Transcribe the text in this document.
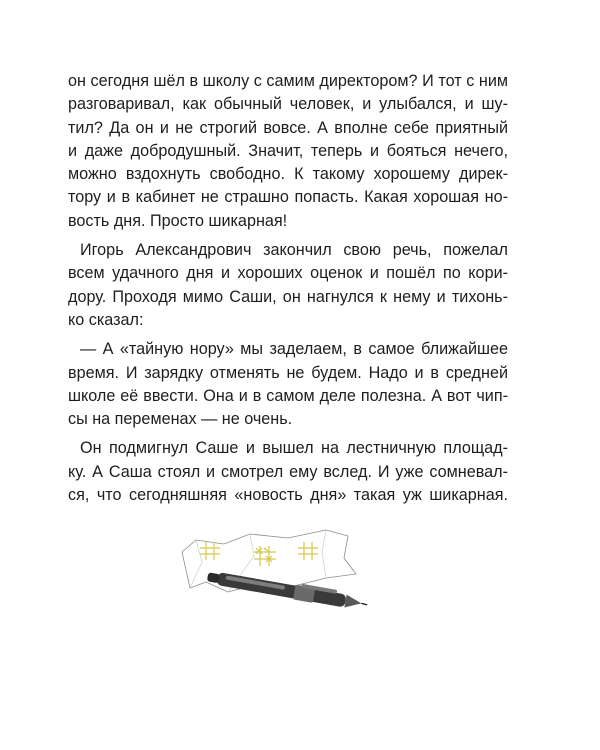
он сегодня шёл в школу с самим директором? И тот с ним
разговаривал, как обычный человек, и улыбался, и шу-
тил? Да он и не строгий вовсе. А вполне себе приятный
и даже добродушный. Значит, теперь и бояться нечего,
можно вздохнуть свободно. К такому хорошему дирек-
тору и в кабинет не страшно попасть. Какая хорошая но-
вость дня. Просто шикарная!

Игорь Александрович закончил свою речь, пожелал
всем удачного дня и хороших оценок и пошёл по кори-
дору. Проходя мимо Саши, он нагнулся к нему и тихонь-
ко сказал:

— А «тайную нору» мы заделаем, в самое ближайшее
время. И зарядку отменять не будем. Надо и в средней
школе её ввести. Она и в самом деле полезна. А вот чип-
сы на переменах — не очень.

Он подмигнул Саше и вышел на лестничную площад-
ку. А Саша стоял и смотрел ему вслед. И уже сомневал-
ся, что сегодняшняя «новость дня» такая уж шикарная.
